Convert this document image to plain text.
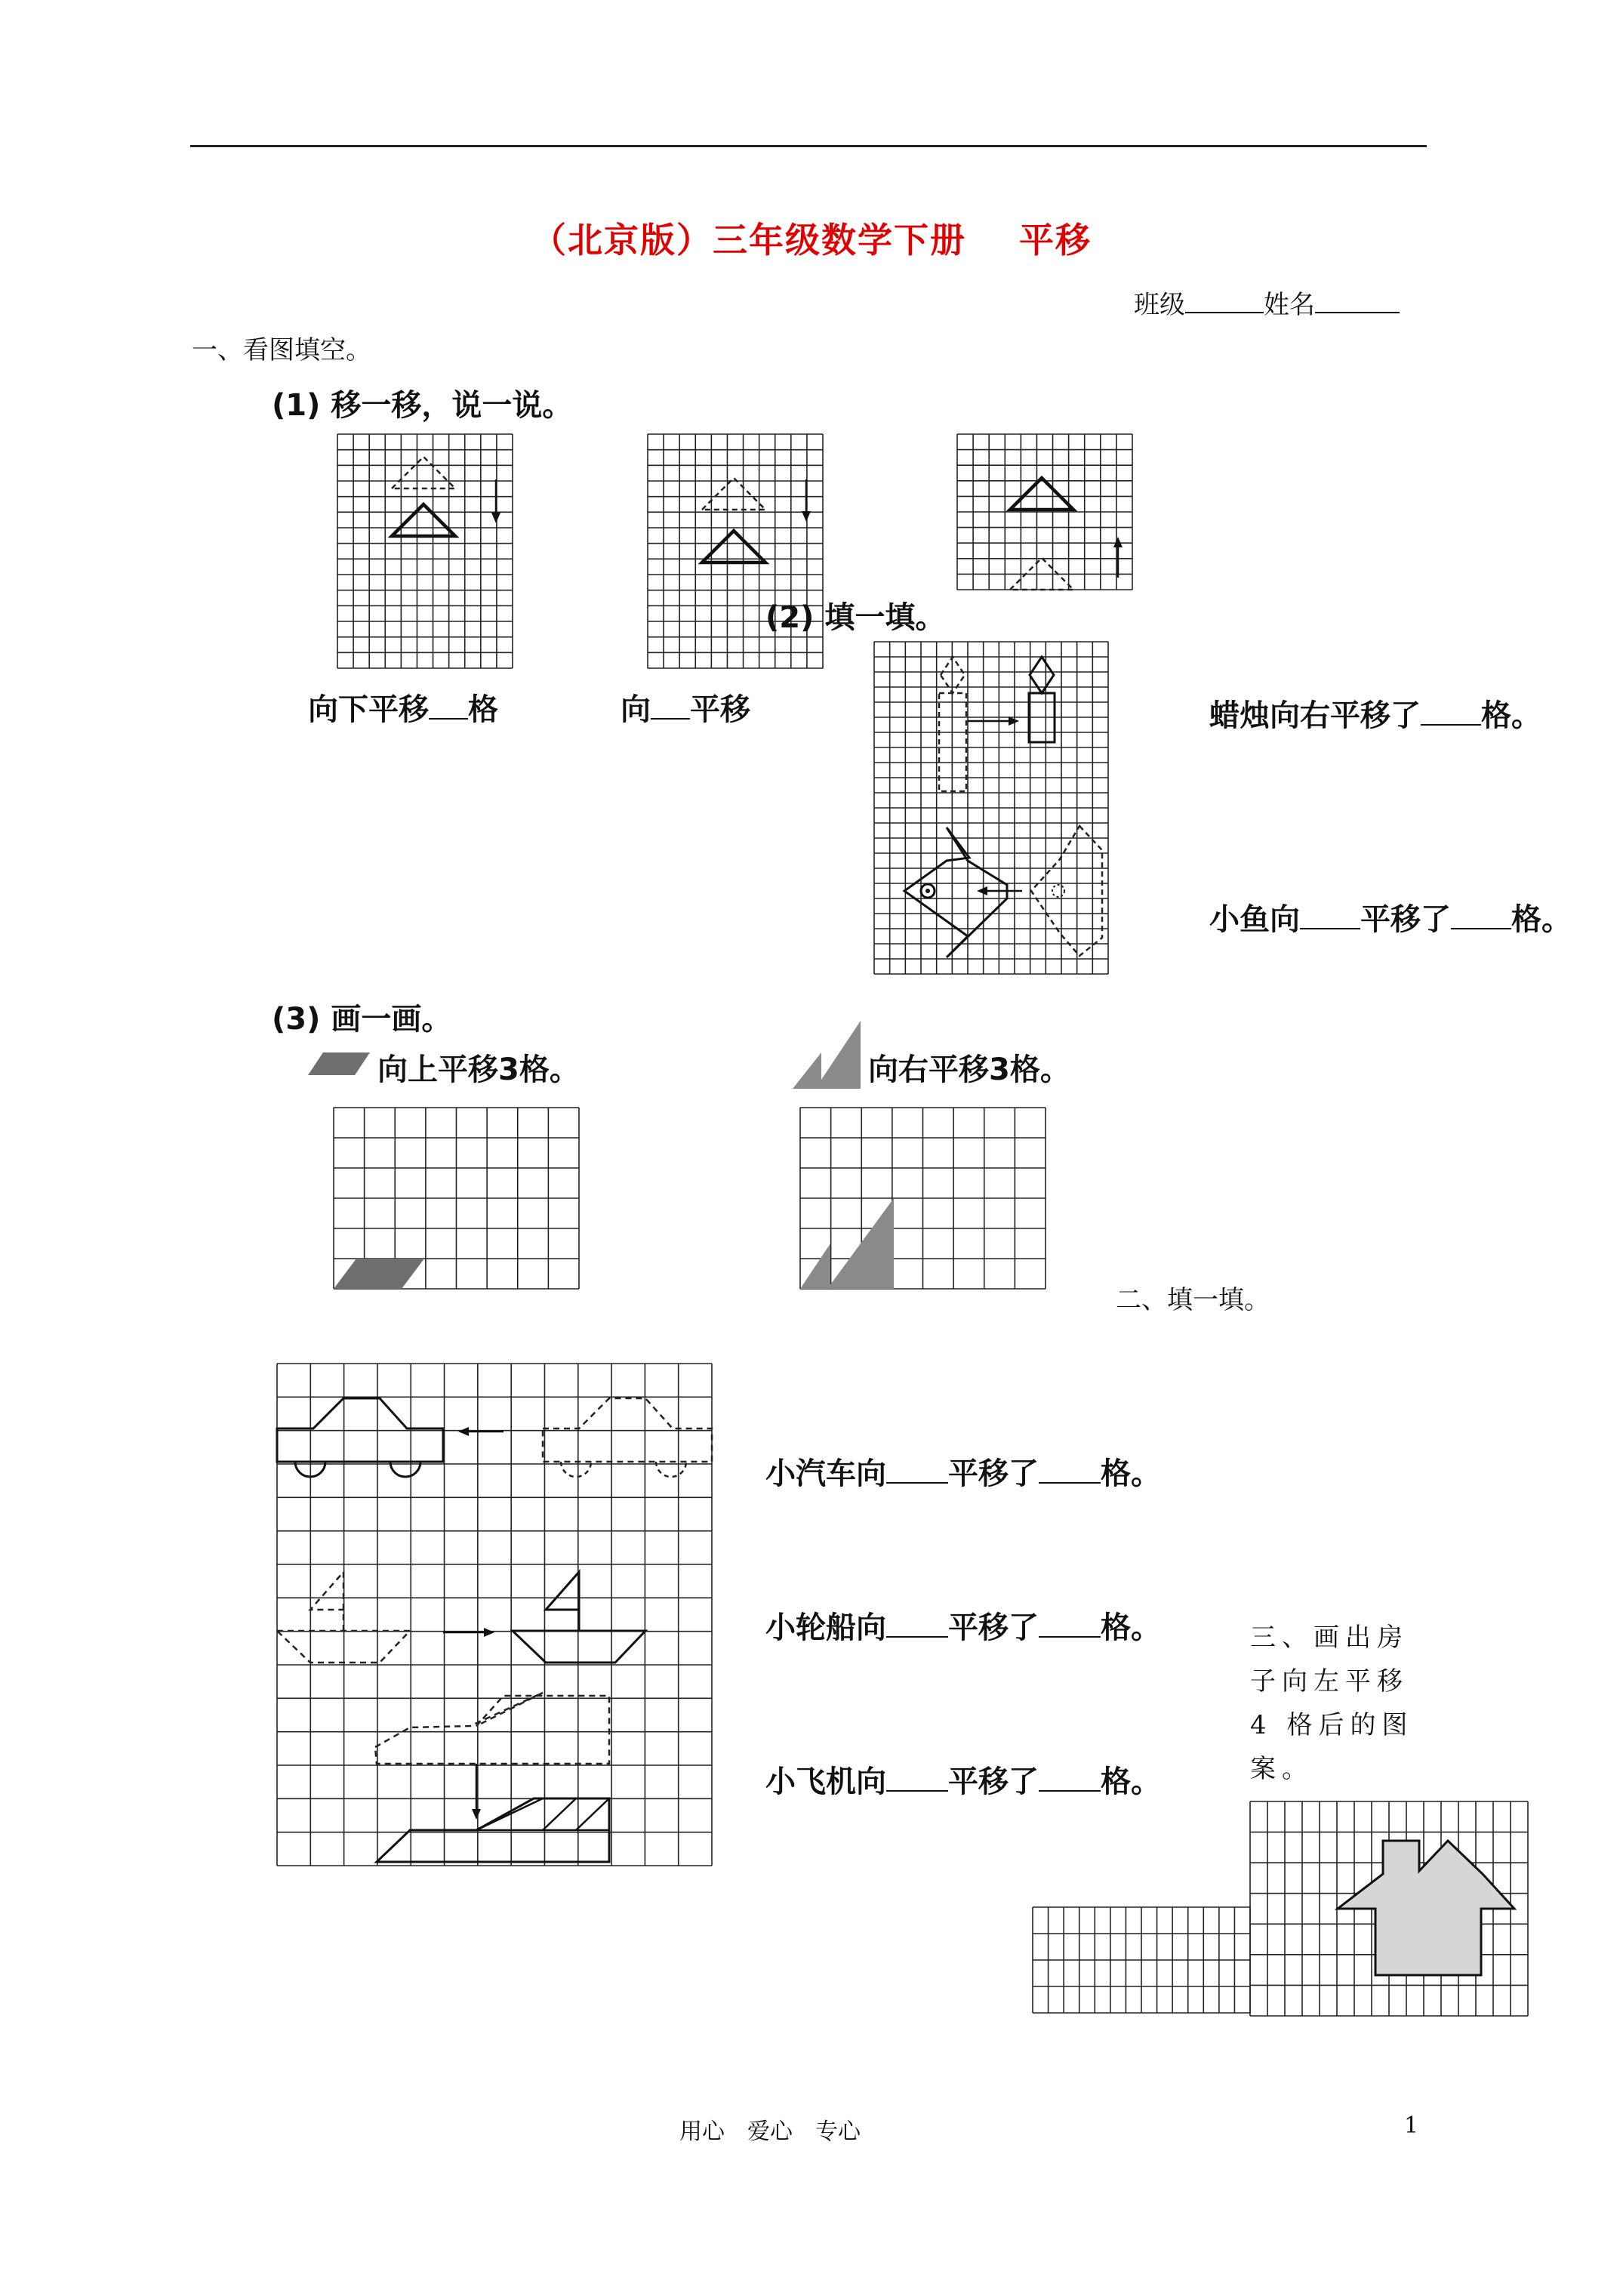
（北京版）三年级数学下册 平移
班级	姓名
一、看图填空。
(1) 移一移，说一说。
向下平移 格	向 平移
(2) 填一填。
蜡烛向右平移了 格。
小鱼向 平移了 格。
(3) 画一画。
向上平移3格。	向右平移3格。
二、填一填。
小汽车向 平移了 格。
小轮船向 平移了 格。
小飞机向 平移了 格。
三、画出房
子向左平移
4 格后的图
案。
用心　爱心　专心	1
